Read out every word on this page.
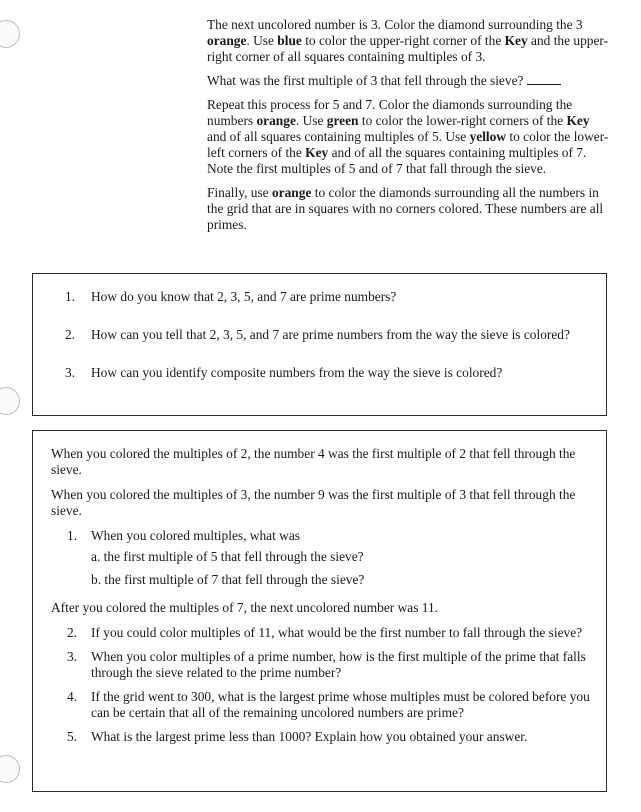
The next uncolored number is 3. Color the diamond surrounding the 3 orange. Use blue to color the upper-right corner of the Key and the upper-right corner of all squares containing multiples of 3.

What was the first multiple of 3 that fell through the sieve?

Repeat this process for 5 and 7. Color the diamonds surrounding the numbers orange. Use green to color the lower-right corners of the Key and of all squares containing multiples of 5. Use yellow to color the lower-left corners of the Key and of all the squares containing multiples of 7. Note the first multiples of 5 and of 7 that fall through the sieve.

Finally, use orange to color the diamonds surrounding all the numbers in the grid that are in squares with no corners colored. These numbers are all primes.

1. How do you know that 2, 3, 5, and 7 are prime numbers?
2. How can you tell that 2, 3, 5, and 7 are prime numbers from the way the sieve is colored?
3. How can you identify composite numbers from the way the sieve is colored?

When you colored the multiples of 2, the number 4 was the first multiple of 2 that fell through the sieve.

When you colored the multiples of 3, the number 9 was the first multiple of 3 that fell through the sieve.

1. When you colored multiples, what was
a. the first multiple of 5 that fell through the sieve?
b. the first multiple of 7 that fell through the sieve?

After you colored the multiples of 7, the next uncolored number was 11.

2. If you could color multiples of 11, what would be the first number to fall through the sieve?
3. When you color multiples of a prime number, how is the first multiple of the prime that falls through the sieve related to the prime number?
4. If the grid went to 300, what is the largest prime whose multiples must be colored before you can be certain that all of the remaining uncolored numbers are prime?
5. What is the largest prime less than 1000? Explain how you obtained your answer.
